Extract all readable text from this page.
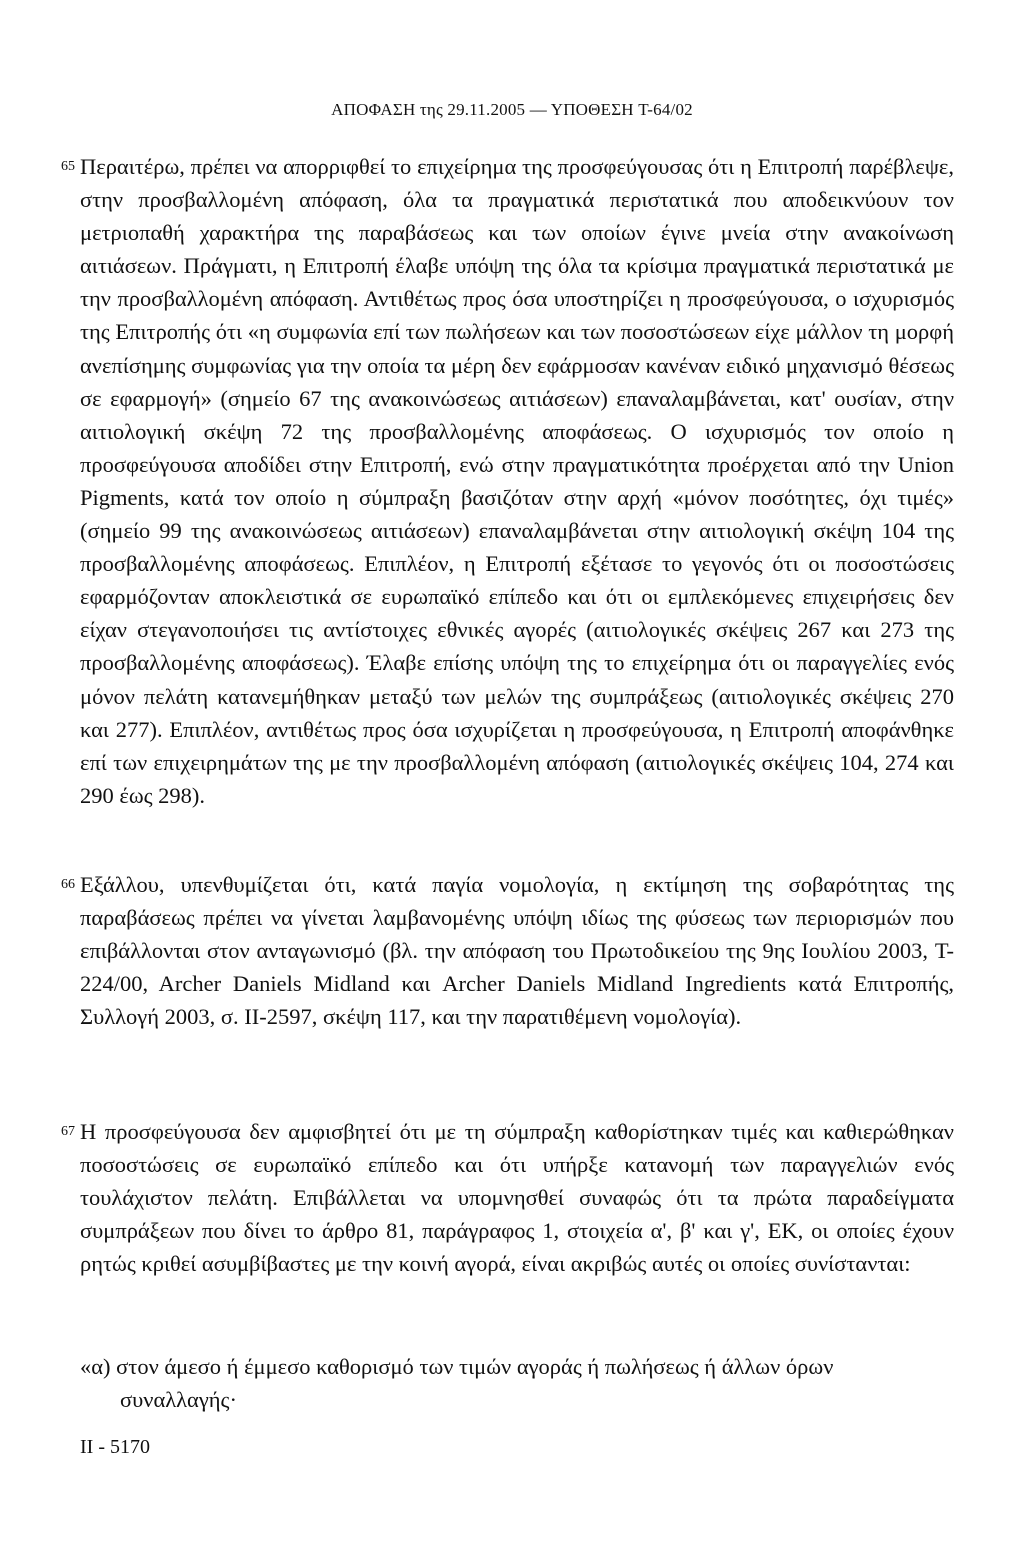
ΑΠΟΦΑΣΗ της 29.11.2005 — ΥΠΟΘΕΣΗ T-64/02
65 Περαιτέρω, πρέπει να απορριφθεί το επιχείρημα της προσφεύγουσας ότι η Επιτροπή παρέβλεψε, στην προσβαλλομένη απόφαση, όλα τα πραγματικά περιστατικά που αποδεικνύουν τον μετριοπαθή χαρακτήρα της παραβάσεως και των οποίων έγινε μνεία στην ανακοίνωση αιτιάσεων. Πράγματι, η Επιτροπή έλαβε υπόψη της όλα τα κρίσιμα πραγματικά περιστατικά με την προσβαλλομένη απόφαση. Αντιθέτως προς όσα υποστηρίζει η προσφεύγουσα, ο ισχυρισμός της Επιτροπής ότι «η συμφωνία επί των πωλήσεων και των ποσοστώσεων είχε μάλλον τη μορφή ανεπίσημης συμφωνίας για την οποία τα μέρη δεν εφάρμοσαν κανέναν ειδικό μηχανισμό θέσεως σε εφαρμογή» (σημείο 67 της ανακοινώσεως αιτιάσεων) επαναλαμβάνεται, κατ' ουσίαν, στην αιτιολογική σκέψη 72 της προσβαλλομένης αποφάσεως. Ο ισχυρισμός τον οποίο η προσφεύγουσα αποδίδει στην Επιτροπή, ενώ στην πραγματικότητα προέρχεται από την Union Pigments, κατά τον οποίο η σύμπραξη βασιζόταν στην αρχή «μόνον ποσότητες, όχι τιμές» (σημείο 99 της ανακοινώσεως αιτιάσεων) επαναλαμβάνεται στην αιτιολογική σκέψη 104 της προσβαλλομένης αποφάσεως. Επιπλέον, η Επιτροπή εξέτασε το γεγονός ότι οι ποσοστώσεις εφαρμόζονταν αποκλειστικά σε ευρωπαϊκό επίπεδο και ότι οι εμπλεκόμενες επιχειρήσεις δεν είχαν στεγανοποιήσει τις αντίστοιχες εθνικές αγορές (αιτιολογικές σκέψεις 267 και 273 της προσβαλλομένης αποφάσεως). Έλαβε επίσης υπόψη της το επιχείρημα ότι οι παραγγελίες ενός μόνον πελάτη κατανεμήθηκαν μεταξύ των μελών της συμπράξεως (αιτιολογικές σκέψεις 270 και 277). Επιπλέον, αντιθέτως προς όσα ισχυρίζεται η προσφεύγουσα, η Επιτροπή αποφάνθηκε επί των επιχειρημάτων της με την προσβαλλομένη απόφαση (αιτιολογικές σκέψεις 104, 274 και 290 έως 298).
66 Εξάλλου, υπενθυμίζεται ότι, κατά παγία νομολογία, η εκτίμηση της σοβαρότητας της παραβάσεως πρέπει να γίνεται λαμβανομένης υπόψη ιδίως της φύσεως των περιορισμών που επιβάλλονται στον ανταγωνισμό (βλ. την απόφαση του Πρωτοδικείου της 9ης Ιουλίου 2003, T-224/00, Archer Daniels Midland και Archer Daniels Midland Ingredients κατά Επιτροπής, Συλλογή 2003, σ. II-2597, σκέψη 117, και την παρατιθέμενη νομολογία).
67 Η προσφεύγουσα δεν αμφισβητεί ότι με τη σύμπραξη καθορίστηκαν τιμές και καθιερώθηκαν ποσοστώσεις σε ευρωπαϊκό επίπεδο και ότι υπήρξε κατανομή των παραγγελιών ενός τουλάχιστον πελάτη. Επιβάλλεται να υπομνησθεί συναφώς ότι τα πρώτα παραδείγματα συμπράξεων που δίνει το άρθρο 81, παράγραφος 1, στοιχεία α', β' και γ', ΕΚ, οι οποίες έχουν ρητώς κριθεί ασυμβίβαστες με την κοινή αγορά, είναι ακριβώς αυτές οι οποίες συνίστανται:
«α) στον άμεσο ή έμμεσο καθορισμό των τιμών αγοράς ή πωλήσεως ή άλλων όρων συναλλαγής·
II - 5170
